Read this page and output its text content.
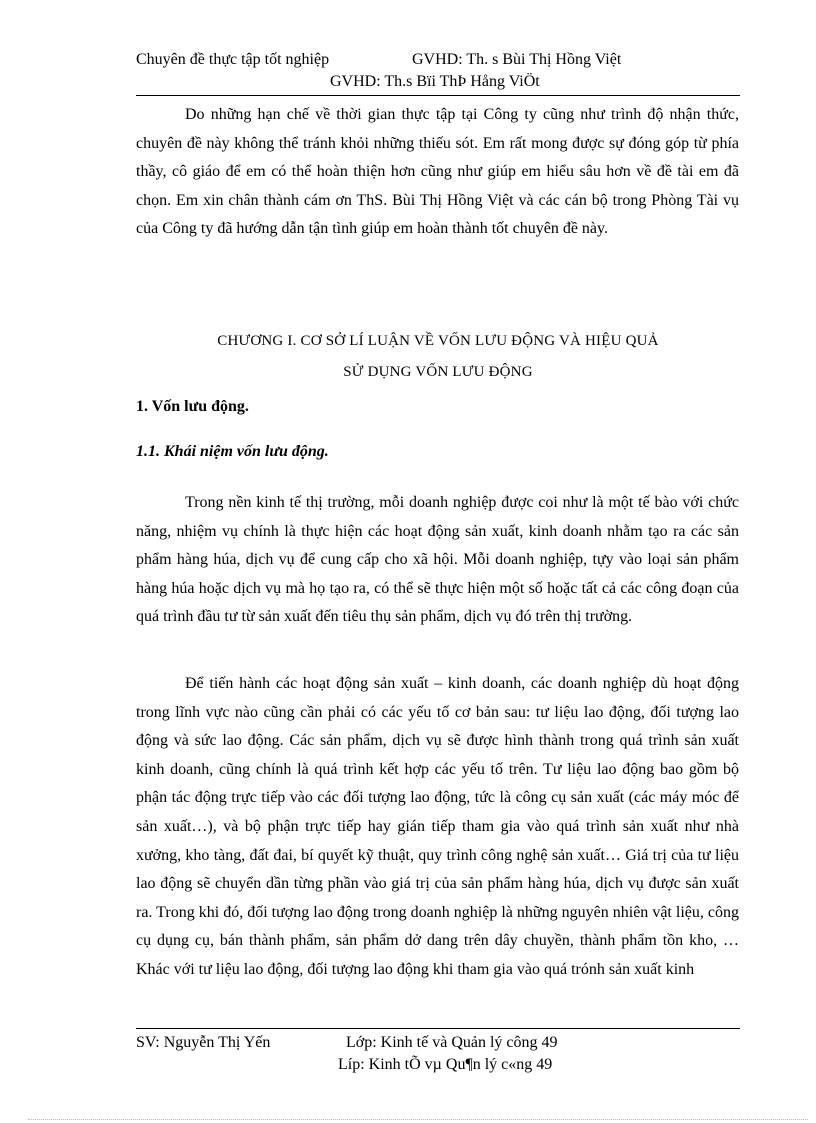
Chuyên đề thực tập tốt nghiệp	GVHD: Th. s Bùi Thị Hồng Việt
GVHD: Th.s Bïi ThÞ Hång ViÖt

Do những hạn chế về thời gian thực tập tại Công ty cũng như trình độ nhận thức, chuyên đề này không thể tránh khỏi những thiếu sót. Em rất mong được sự đóng góp từ phía thầy, cô giáo để em có thể hoàn thiện hơn cũng như giúp em hiểu sâu hơn về đề tài em đã chọn. Em xin chân thành cám ơn ThS. Bùi Thị Hồng Việt và các cán bộ trong Phòng Tài vụ của Công ty đã hướng dẫn tận tình giúp em hoàn thành tốt chuyên đề này.

CHƯƠNG I. CƠ SỞ LÍ LUẬN VỀ VỐN LƯU ĐỘNG VÀ HIỆU QUẢ
SỬ DỤNG VỐN LƯU ĐỘNG
1. Vốn lưu động.
1.1. Khái niệm vốn lưu động.

Trong nền kinh tế thị trường, mỗi doanh nghiệp được coi như là một tế bào với chức năng, nhiệm vụ chính là thực hiện các hoạt động sản xuất, kinh doanh nhằm tạo ra các sản phẩm hàng húa, dịch vụ để cung cấp cho xã hội. Mỗi doanh nghiệp, tựy vào loại sản phẩm hàng húa hoặc dịch vụ mà họ tạo ra, có thể sẽ thực hiện một số hoặc tất cả các công đoạn của quá trình đầu tư từ sản xuất đến tiêu thụ sản phẩm, dịch vụ đó trên thị trường.

Để tiến hành các hoạt động sản xuất – kinh doanh, các doanh nghiệp dù hoạt động trong lĩnh vực nào cũng cần phải có các yếu tố cơ bản sau: tư liệu lao động, đối tượng lao động và sức lao động. Các sản phẩm, dịch vụ sẽ được hình thành trong quá trình sản xuất kinh doanh, cũng chính là quá trình kết hợp các yếu tố trên. Tư liệu lao động bao gồm bộ phận tác động trực tiếp vào các đối tượng lao động, tức là công cụ sản xuất (các máy móc để sản xuất…), và bộ phận trực tiếp hay gián tiếp tham gia vào quá trình sản xuất như nhà xưởng, kho tàng, đất đai, bí quyết kỹ thuật, quy trình công nghệ sản xuất… Giá trị của tư liệu lao động sẽ chuyển dần từng phần vào giá trị của sản phẩm hàng húa, dịch vụ được sản xuất ra. Trong khi đó, đối tượng lao động trong doanh nghiệp là những nguyên nhiên vật liệu, công cụ dụng cụ, bán thành phẩm, sản phẩm dở dang trên dây chuyền, thành phẩm tồn kho, … Khác với tư liệu lao động, đối tượng lao động khi tham gia vào quá trónh sản xuất kinh

SV: Nguyễn Thị Yến	Lớp: Kinh tế và Quản lý công 49
Líp: Kinh tÕ vµ Qu¶n lý c«ng 49
